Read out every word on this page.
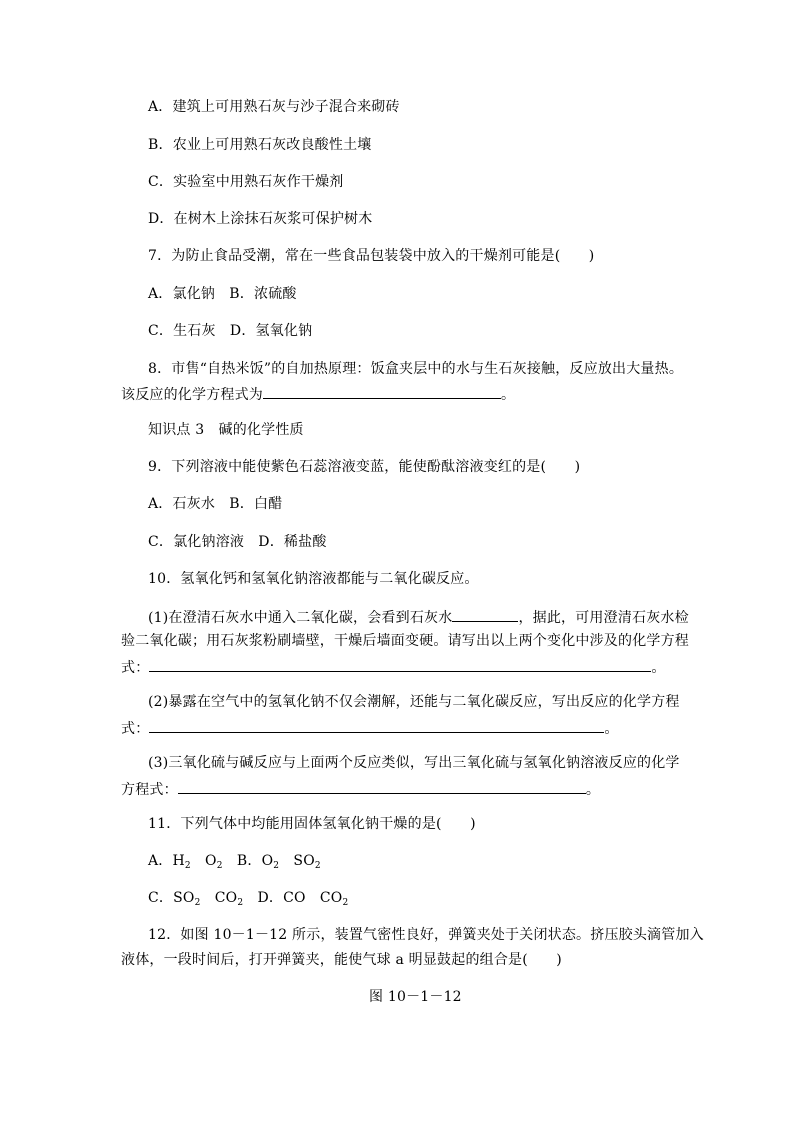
A．建筑上可用熟石灰与沙子混合来砌砖
B．农业上可用熟石灰改良酸性土壤
C．实验室中用熟石灰作干燥剂
D．在树木上涂抹石灰浆可保护树木
7．为防止食品受潮，常在一些食品包装袋中放入的干燥剂可能是(　　)
A．氯化钠　B．浓硫酸
C．生石灰　D．氢氧化钠
8．市售“自热米饭”的自加热原理：饭盒夹层中的水与生石灰接触，反应放出大量热。
该反应的化学方程式为	。
知识点 3　碱的化学性质
9．下列溶液中能使紫色石蕊溶液变蓝，能使酚酞溶液变红的是(　　)
A．石灰水　B．白醋
C．氯化钠溶液　D．稀盐酸
10．氢氧化钙和氢氧化钠溶液都能与二氧化碳反应。
(1)在澄清石灰水中通入二氧化碳，会看到石灰水	，据此，可用澄清石灰水检
验二氧化碳；用石灰浆粉刷墙壁，干燥后墙面变硬。请写出以上两个变化中涉及的化学方程
式：	。
(2)暴露在空气中的氢氧化钠不仅会潮解，还能与二氧化碳反应，写出反应的化学方程
式：	。
(3)三氧化硫与碱反应与上面两个反应类似，写出三氧化硫与氢氧化钠溶液反应的化学
方程式：	。
11．下列气体中均能用固体氢氧化钠干燥的是(　　)
A．$H_2$　$O_2$　B．$O_2$　$SO_2$
C．$SO_2$　$CO_2$　D．CO　$CO_2$
12．如图 10－1－12 所示，装置气密性良好，弹簧夹处于关闭状态。挤压胶头滴管加入
液体，一段时间后，打开弹簧夹，能使气球 a 明显鼓起的组合是(　　)
图 10－1－12
